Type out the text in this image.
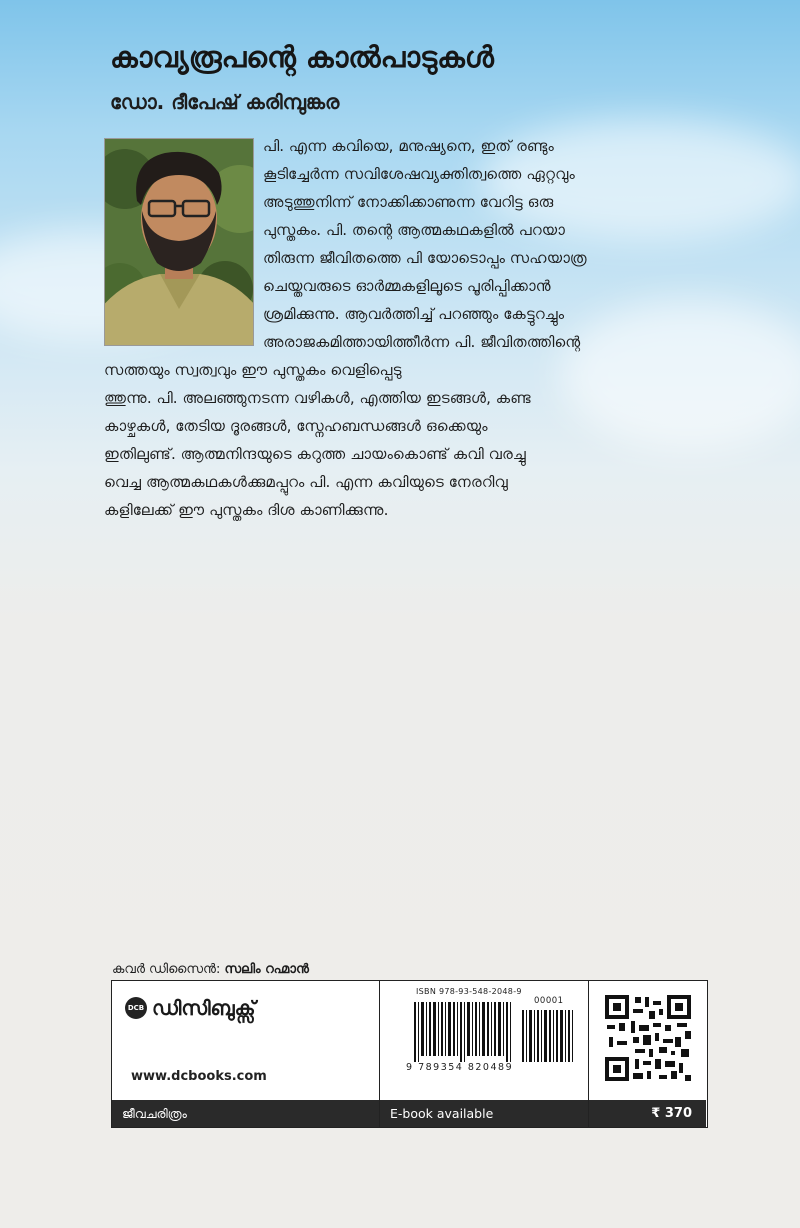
കാവ്യരൂപന്റെ കാല്‍പാടുകള്‍
ഡോ. ദീപേഷ് കരിമ്പുങ്കര
പി. എന്ന കവിയെ, മനുഷ്യനെ, ഇത് രണ്ടും
കൂടിച്ചേര്‍ന്ന സവിശേഷവ്യക്തിത്വത്തെ ഏറ്റവും
അടുത്തുനിന്ന് നോക്കിക്കാണുന്ന വേറിട്ട ഒരു
പുസ്തകം. പി. തന്റെ ആത്മകഥകളില്‍ പറയാ
തിരുന്ന ജീവിതത്തെ പി യോടൊപ്പം സഹയാത്ര
ചെയ്തവരുടെ ഓര്‍മ്മകളിലൂടെ പൂരിപ്പിക്കാന്‍
ശ്രമിക്കുന്നു. ആവര്‍ത്തിച്ച് പറഞ്ഞും കേട്ടുറച്ചും
അരാജകമിത്തായിത്തീര്‍ന്ന പി. ജീവിതത്തിന്റെ
സത്തയും സ്വത്വവും ഈ പുസ്തകം വെളിപ്പെടു
ത്തുന്നു. പി. അലഞ്ഞുനടന്ന വഴികള്‍, എത്തിയ ഇടങ്ങള്‍, കണ്ട
കാഴ്ചകള്‍, തേടിയ ദൂരങ്ങള്‍, സ്നേഹബന്ധങ്ങള്‍ ഒക്കെയും
ഇതിലുണ്ട്. ആത്മനിന്ദയുടെ കറുത്ത ചായംകൊണ്ട് കവി വരച്ചു
വെച്ച ആത്മകഥകള്‍ക്കുമപ്പുറം പി. എന്ന കവിയുടെ നേരറിവു
കളിലേക്ക് ഈ പുസ്തകം ദിശ കാണിക്കുന്നു.
കവര്‍ ഡിസൈന്‍: സലിം റഹ്മാന്‍
DCB ഡിസിബുക്സ്
www.dcbooks.com
ജീവചരിത്രം
ISBN 978-93-548-2048-9
00001
9 789354 820489
E-book available	₹ 370
